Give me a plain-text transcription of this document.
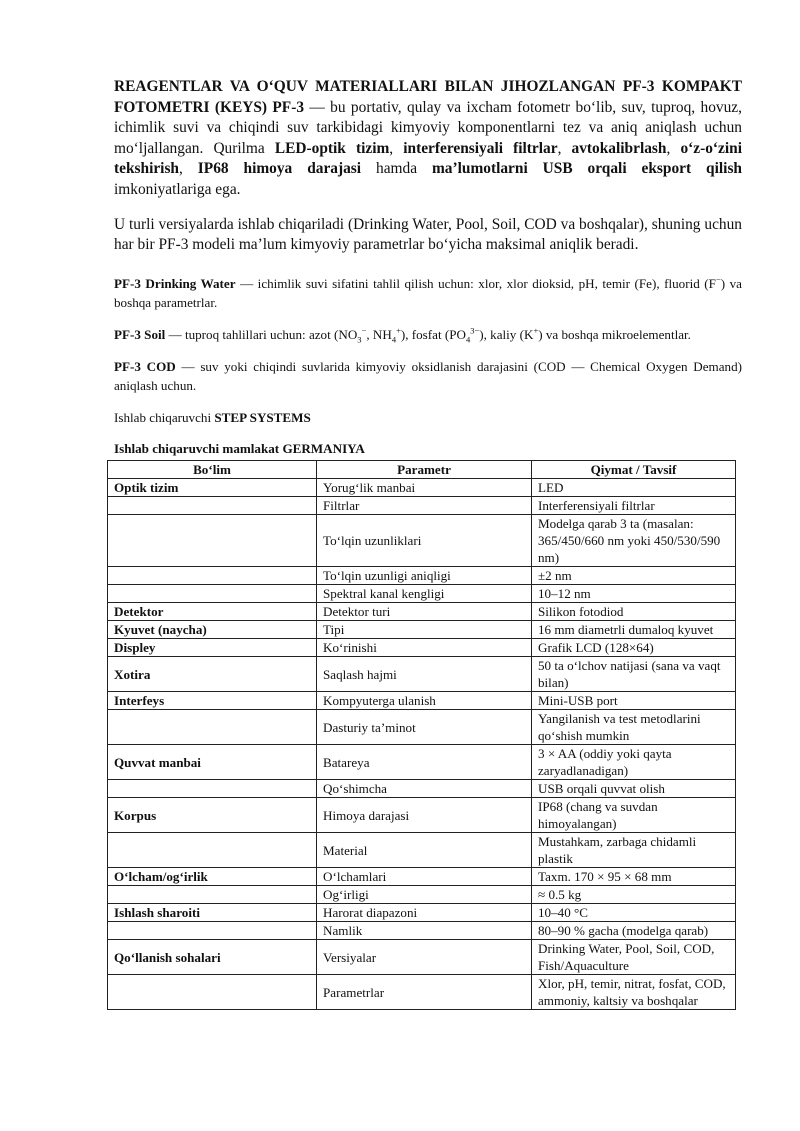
REAGENTLAR VA O‘QUV MATERIALLARI BILAN JIHOZLANGAN PF-3 KOMPAKT FOTOMETRI (KEYS) PF-3 — bu portativ, qulay va ixcham fotometr bo‘lib, suv, tuproq, hovuz, ichimlik suvi va chiqindi suv tarkibidagi kimyoviy komponentlarni tez va aniq aniqlash uchun mo‘ljallangan. Qurilma LED-optik tizim, interferensiyali filtrlar, avtokalibrlash, o‘z-o‘zini tekshirish, IP68 himoya darajasi hamda ma’lumotlarni USB orqali eksport qilish imkoniyatlariga ega.

U turli versiyalarda ishlab chiqariladi (Drinking Water, Pool, Soil, COD va boshqalar), shuning uchun har bir PF-3 modeli ma’lum kimyoviy parametrlar bo‘yicha maksimal aniqlik beradi.

PF-3 Drinking Water — ichimlik suvi sifatini tahlil qilish uchun: xlor, xlor dioksid, pH, temir (Fe), fluorid (F−) va boshqa parametrlar.

PF-3 Soil — tuproq tahlillari uchun: azot ($NO_3^-$, $NH_4^+$), fosfat $(PO_4^{3-})$, kaliy (K+) va boshqa mikroelementlar.

PF-3 COD — suv yoki chiqindi suvlarida kimyoviy oksidlanish darajasini (COD — Chemical Oxygen Demand) aniqlash uchun.

Ishlab chiqaruvchi STEP SYSTEMS

Ishlab chiqaruvchi mamlakat GERMANIYA

Bo‘lim	Parametr	Qiymat / Tavsif
Optik tizim	Yorug‘lik manbai	LED
	Filtrlar	Interferensiyali filtrlar
	To‘lqin uzunliklari	Modelga qarab 3 ta (masalan: 365/450/660 nm yoki 450/530/590 nm)
	To‘lqin uzunligi aniqligi	±2 nm
	Spektral kanal kengligi	10–12 nm
Detektor	Detektor turi	Silikon fotodiod
Kyuvet (naycha)	Tipi	16 mm diametrli dumaloq kyuvet
Displey	Ko‘rinishi	Grafik LCD (128×64)
Xotira	Saqlash hajmi	50 ta o‘lchov natijasi (sana va vaqt bilan)
Interfeys	Kompyuterga ulanish	Mini-USB port
	Dasturiy ta’minot	Yangilanish va test metodlarini qo‘shish mumkin
Quvvat manbai	Batareya	3 × AA (oddiy yoki qayta zaryadlanadigan)
	Qo‘shimcha	USB orqali quvvat olish
Korpus	Himoya darajasi	IP68 (chang va suvdan himoyalangan)
	Material	Mustahkam, zarbaga chidamli plastik
O‘lcham/og‘irlik	O‘lchamlari	Taxm. 170 × 95 × 68 mm
	Og‘irligi	≈ 0.5 kg
Ishlash sharoiti	Harorat diapazoni	10–40 °C
	Namlik	80–90 % gacha (modelga qarab)
Qo‘llanish sohalari	Versiyalar	Drinking Water, Pool, Soil, COD, Fish/Aquaculture
	Parametrlar	Xlor, pH, temir, nitrat, fosfat, COD, ammoniy, kaltsiy va boshqalar
